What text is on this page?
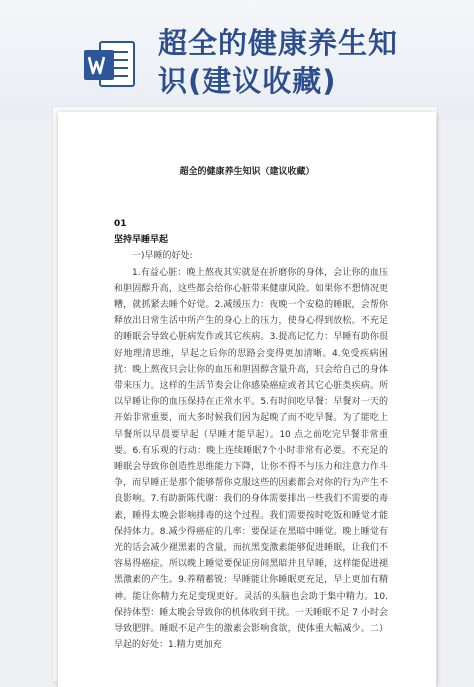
超全的健康养生知
识(建议收藏)
超全的健康养生知识（建议收藏）

01

坚持早睡早起

一)早睡的好处:

1.有益心脏：晚上熬夜其实就是在折磨你的身体，会让你的血压和胆固醇升高，这些都会给你心脏带来健康风险。如果你不想情况更糟，就抓紧去睡个好觉。2.减缓压力：夜晚一个安稳的睡眠，会帮你释放出日常生活中所产生的身心上的压力，使身心得到放松。不充足的睡眠会导致心脏病发作或其它疾病。3.提高记忆力：早睡有助你很好地理清思维，早起之后你的思路会变得更加清晰。4.免受疾病困扰：晚上熬夜只会让你的血压和胆固醇含量升高，只会给自己的身体带来压力。这样的生活节奏会让你感染癌症或者其它心脏类疾病。所以早睡让你的血压保持在正常水平。5.有时间吃早餐：早餐对一天的开始非常重要，而大多时候我们因为起晚了而不吃早餐。为了能吃上早餐所以早晨要早起（早睡才能早起）。10 点之前吃完早餐非常重要。6.有乐观的行动：晚上连续睡眠7个小时非常有必要。不充足的睡眠会导致你创造性思维能力下降，让你不得不与压力和注意力作斗争，而早睡正是那个能够帮你克服这些的因素都会对你的行为产生不良影响。7.有助新陈代谢：我们的身体需要排出一些我们不需要的毒素，睡得太晚会影响排毒的这个过程。我们需要按时吃饭和睡觉才能保持体力。8.减少得癌症的几率：要保证在黑暗中睡觉。晚上睡觉有光的话会减少褪黑素的含量，而抗黑变激素能够促进睡眠，让我们不容易得癌症。所以晚上睡觉要保证房间黑暗并且早睡，这样能促进褪黑激素的产生。9.养精蓄锐：早睡能让你睡眠更充足，早上更加有精神。能让你精力充足变现更好。灵活的头脑也会助于集中精力。10.保持体型：睡太晚会导致你的机体收到干扰。一天睡眠不足 7 小时会导致肥胖。睡眠不足产生的激素会影响食欲，使体重大幅减少。二）早起的好处：1.精力更加充
